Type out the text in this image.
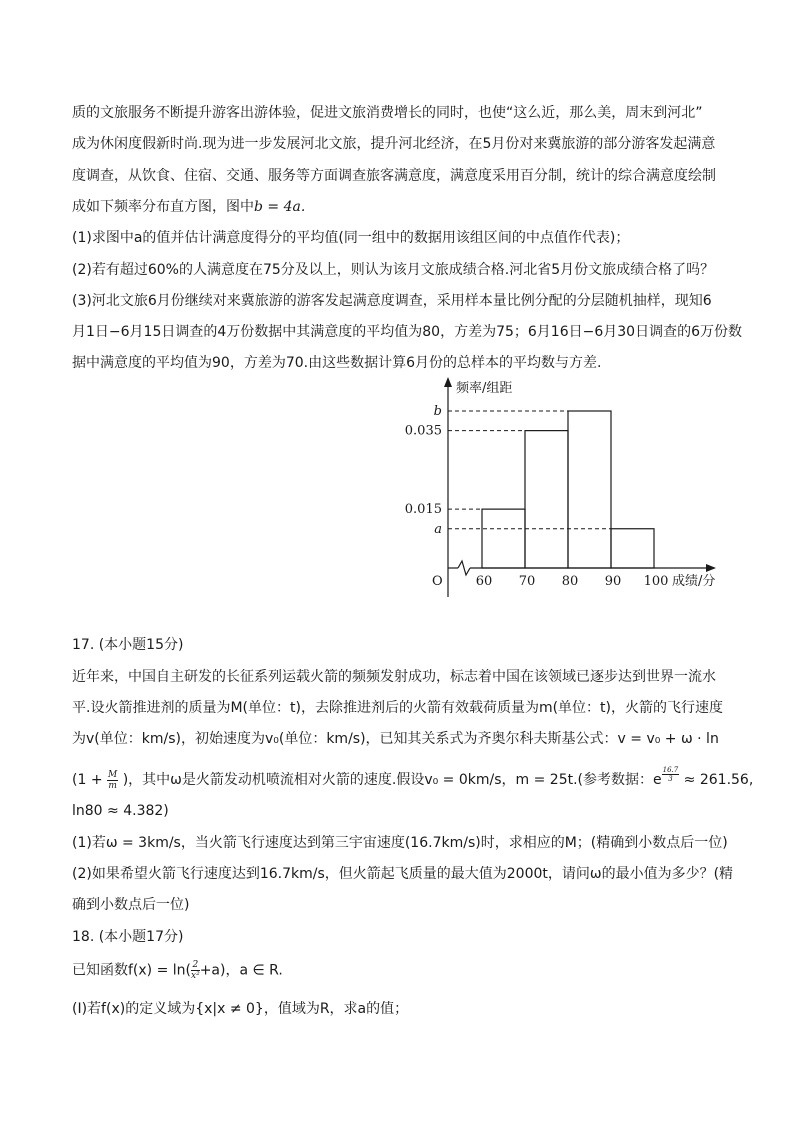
质的文旅服务不断提升游客出游体验，促进文旅消费增长的同时，也使“这么近，那么美，周末到河北”
成为休闲度假新时尚.现为进一步发展河北文旅，提升河北经济，在5月份对来冀旅游的部分游客发起满意
度调查，从饮食、住宿、交通、服务等方面调查旅客满意度，满意度采用百分制，统计的综合满意度绘制
成如下频率分布直方图，图中b = 4a.
(1)求图中a的值并估计满意度得分的平均值(同一组中的数据用该组区间的中点值作代表)；
(2)若有超过60%的人满意度在75分及以上，则认为该月文旅成绩合格.河北省5月份文旅成绩合格了吗？
(3)河北文旅6月份继续对来冀旅游的游客发起满意度调查，采用样本量比例分配的分层随机抽样，现知6
月1日−6月15日调查的4万份数据中其满意度的平均值为80，方差为75；6月16日−6月30日调查的6万份数
据中满意度的平均值为90，方差为70.由这些数据计算6月份的总样本的平均数与方差.
O
频率/组距
成绩/分
b
0.035
0.015
a
60 70 80 90 100
17. (本小题15分)
近年来，中国自主研发的长征系列运载火箭的频频发射成功，标志着中国在该领域已逐步达到世界一流水
平.设火箭推进剂的质量为M(单位：t)，去除推进剂后的火箭有效载荷质量为m(单位：t)，火箭的飞行速度
为v(单位：km/s)，初始速度为v₀(单位：km/s)，已知其关系式为齐奥尔科夫斯基公式：v = v₀ + ω · ln
($1 + \frac{M}{m}$ )，其中ω是火箭发动机喷流相对火箭的速度.假设v₀ = 0km/s，m = 25t.(参考数据：e $^{\frac{16.7}{3}}$ ≈ 261.56,
ln80 ≈ 4.382)
(1)若ω = 3km/s，当火箭飞行速度达到第三宇宙速度(16.7km/s)时，求相应的M；(精确到小数点后一位)
(2)如果希望火箭飞行速度达到16.7km/s，但火箭起飞质量的最大值为2000t，请问ω的最小值为多少？(精
确到小数点后一位)
18. (本小题17分)
已知函数$f(x) = \ln( \frac{2}{\text{x²}} +a)$，a ∈ R.
(Ⅰ)若f(x)的定义域为{x|x ≠ 0}，值域为R，求a的值；
